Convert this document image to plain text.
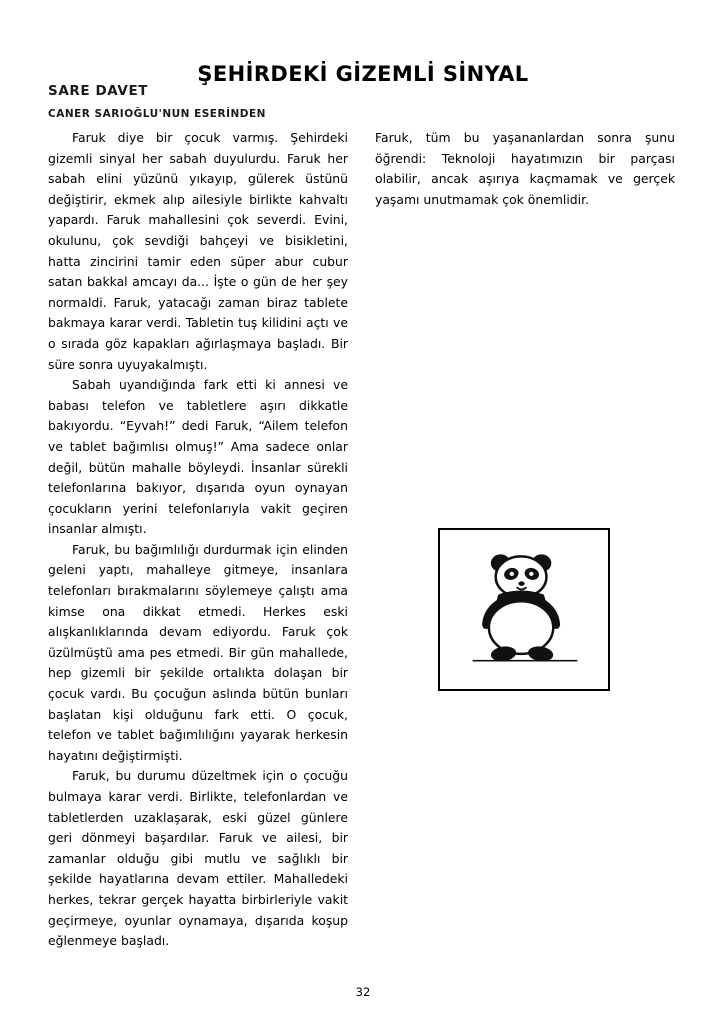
ŞEHİRDEKİ GİZEMLİ SİNYAL
SARE DAVET
CANER SARIOĞLU'NUN ESERİNDEN

Faruk diye bir çocuk varmış. Şehirdeki gizemli sinyal her sabah duyulurdu. Faruk her sabah elini yüzünü yıkayıp, gülerek üstünü değiştirir, ekmek alıp ailesiyle birlikte kahvaltı yapardı. Faruk mahallesini çok severdi. Evini, okulunu, çok sevdiği bahçeyi ve bisikletini, hatta zincirini tamir eden süper abur cubur satan bakkal amcayı da... İşte o gün de her şey normaldi. Faruk, yatacağı zaman biraz tablete bakmaya karar verdi. Tabletin tuş kilidini açtı ve o sırada göz kapakları ağırlaşmaya başladı. Bir süre sonra uyuyakalmıştı.

Sabah uyandığında fark etti ki annesi ve babası telefon ve tabletlere aşırı dikkatle bakıyordu. “Eyvah!” dedi Faruk, “Ailem telefon ve tablet bağımlısı olmuş!” Ama sadece onlar değil, bütün mahalle böyleydi. İnsanlar sürekli telefonlarına bakıyor, dışarıda oyun oynayan çocukların yerini telefonlarıyla vakit geçiren insanlar almıştı.

Faruk, bu bağımlılığı durdurmak için elinden geleni yaptı, mahalleye gitmeye, insanlara telefonları bırakmalarını söylemeye çalıştı ama kimse ona dikkat etmedi. Herkes eski alışkanlıklarında devam ediyordu. Faruk çok üzülmüştü ama pes etmedi. Bir gün mahallede, hep gizemli bir şekilde ortalıkta dolaşan bir çocuk vardı. Bu çocuğun aslında bütün bunları başlatan kişi olduğunu fark etti. O çocuk, telefon ve tablet bağımlılığını yayarak herkesin hayatını değiştirmişti.

Faruk, bu durumu düzeltmek için o çocuğu bulmaya karar verdi. Birlikte, telefonlardan ve tabletlerden uzaklaşarak, eski güzel günlere geri dönmeyi başardılar. Faruk ve ailesi, bir zamanlar olduğu gibi mutlu ve sağlıklı bir şekilde hayatlarına devam ettiler. Mahalledeki herkes, tekrar gerçek hayatta birbirleriyle vakit geçirmeye, oyunlar oynamaya, dışarıda koşup eğlenmeye başladı.

Faruk, tüm bu yaşananlardan sonra şunu öğrendi: Teknoloji hayatımızın bir parçası olabilir, ancak aşırıya kaçmamak ve gerçek yaşamı unutmamak çok önemlidir.

32
